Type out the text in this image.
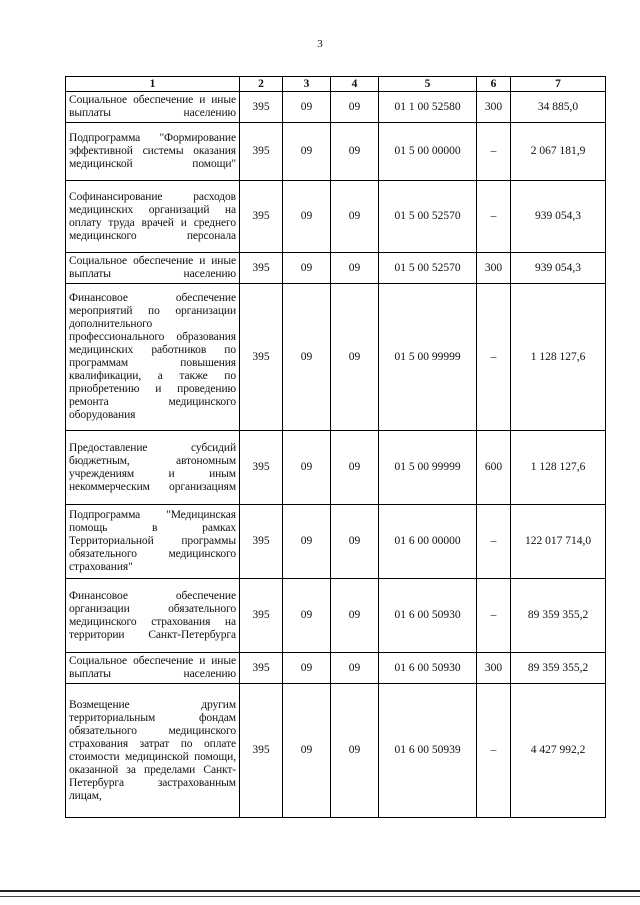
3
1	2	3	4	5	6	7
Социальное обеспечение и иные выплаты населению	395	09	09	01 1 00 52580	300	34 885,0
Подпрограмма "Формирование эффективной системы оказания медицинской помощи"	395	09	09	01 5 00 00000	–	2 067 181,9
Софинансирование расходов медицинских организаций на оплату труда врачей и среднего медицинского персонала	395	09	09	01 5 00 52570	–	939 054,3
Социальное обеспечение и иные выплаты населению	395	09	09	01 5 00 52570	300	939 054,3
Финансовое обеспечение мероприятий по организации дополнительного профессионального образования медицинских работников по программам повышения квалификации, а также по приобретению и проведению ремонта медицинского оборудования	395	09	09	01 5 00 99999	–	1 128 127,6
Предоставление субсидий бюджетным, автономным учреждениям и иным некоммерческим организациям	395	09	09	01 5 00 99999	600	1 128 127,6
Подпрограмма "Медицинская помощь в рамках Территориальной программы обязательного медицинского страхования"	395	09	09	01 6 00 00000	–	122 017 714,0
Финансовое обеспечение организации обязательного медицинского страхования на территории Санкт-Петербурга	395	09	09	01 6 00 50930	–	89 359 355,2
Социальное обеспечение и иные выплаты населению	395	09	09	01 6 00 50930	300	89 359 355,2
Возмещение другим территориальным фондам обязательного медицинского страхования затрат по оплате стоимости медицинской помощи, оказанной за пределами Санкт-Петербурга застрахованным лицам,	395	09	09	01 6 00 50939	–	4 427 992,2
